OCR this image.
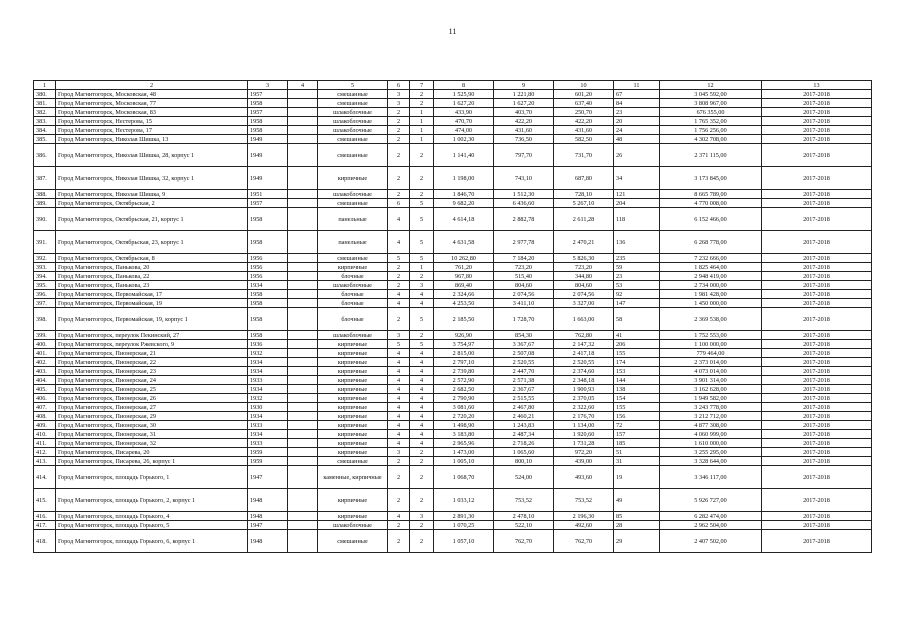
11
1	2	3	4	5	6	7	8	9	10	11	12	13
380.	Город Магнитогорск, Московская, 48	1957		смешанные	3	2	1 525,90	1 221,80	601,20	67	3 045 592,00	2017-2018
381.	Город Магнитогорск, Московская, 77	1958		смешанные	3	2	1 627,20	1 627,20	637,40	84	3 808 967,00	2017-2018
382.	Город Магнитогорск, Московская, 83	1957		шлакоблочные	2	1	433,90	403,70	250,70	23	676 355,00	2017-2018
383.	Город Магнитогорск, Нестерова, 15	1958		шлакоблочные	2	1	470,70	422,20	422,20	20	1 765 352,00	2017-2018
384.	Город Магнитогорск, Нестерова, 17	1958		шлакоблочные	2	1	474,00	431,60	431,60	24	1 756 256,00	2017-2018
385.	Город Магнитогорск, Николая Шишка, 13	1949		смешанные	2	1	1 002,30	736,50	582,50	48	4 302 708,00	2017-2018
386.	Город Магнитогорск, Николая Шишка, 28, корпус 1	1949		смешанные	2	2	1 141,40	797,70	731,70	26	2 371 115,00	2017-2018
387.	Город Магнитогорск, Николая Шишка, 32, корпус 1	1949		кирпичные	2	2	1 198,00	743,10	687,80	34	3 173 845,00	2017-2018
388.	Город Магнитогорск, Николая Шишка, 9	1951		шлакоблочные	2	2	1 846,70	1 512,30	728,10	121	8 665 789,00	2017-2018
389.	Город Магнитогорск, Октябрьская, 2	1957		смешанные	6	5	9 682,20	6 436,60	5 267,10	204	4 770 008,00	2017-2018
390.	Город Магнитогорск, Октябрьская, 21, корпус 1	1958		панельные	4	5	4 614,18	2 882,78	2 611,28	118	6 152 466,00	2017-2018
391.	Город Магнитогорск, Октябрьская, 23, корпус 1	1958		панельные	4	5	4 631,58	2 977,78	2 470,21	136	6 268 778,00	2017-2018
392.	Город Магнитогорск, Октябрьская, 8	1956		смешанные	5	5	10 262,80	7 184,20	5 826,30	235	7 232 666,00	2017-2018
393.	Город Магнитогорск, Панькова, 20	1956		кирпичные	2	1	761,20	723,20	723,20	59	1 825 464,00	2017-2018
394.	Город Магнитогорск, Панькова, 22	1956		блочные	2	2	967,80	515,40	344,80	23	2 948 419,00	2017-2018
395.	Город Магнитогорск, Панькова, 23	1934		шлакоблочные	2	3	869,40	804,60	804,60	53	2 734 000,00	2017-2018
396.	Город Магнитогорск, Первомайская, 17	1958		блочные	4	4	2 324,66	2 074,56	2 074,56	92	1 981 428,00	2017-2018
397.	Город Магнитогорск, Первомайская, 19	1958		блочные	4	4	4 253,50	3 411,10	3 327,00	147	1 450 000,00	2017-2018
398.	Город Магнитогорск, Первомайская, 19, корпус 1	1958		блочные	2	5	2 185,50	1 728,70	1 663,00	58	2 369 538,00	2017-2018
399.	Город Магнитогорск, переулок Пекинский, 27	1958		шлакоблочные	3	2	926,90	854,30	762,80	41	1 752 553,00	2017-2018
400.	Город Магнитогорск, переулок Ржевского, 9	1936		кирпичные	5	5	3 754,97	3 367,67	2 147,32	206	1 100 000,00	2017-2018
401.	Город Магнитогорск, Пионерская, 21	1932		кирпичные	4	4	2 815,00	2 507,08	2 417,18	155	779 464,00	2017-2018
402.	Город Магнитогорск, Пионерская, 22	1934		кирпичные	4	4	2 797,10	2 520,55	2 520,55	174	2 373 014,00	2017-2018
403.	Город Магнитогорск, Пионерская, 23	1934		кирпичные	4	4	2 739,80	2 447,70	2 374,60	153	4 073 014,00	2017-2018
404.	Город Магнитогорск, Пионерская, 24	1933		кирпичные	4	4	2 572,90	2 571,38	2 348,18	144	3 901 314,00	2017-2018
405.	Город Магнитогорск, Пионерская, 25	1934		кирпичные	4	4	2 682,50	2 367,67	1 900,93	138	3 162 628,00	2017-2018
406.	Город Магнитогорск, Пионерская, 26	1932		кирпичные	4	4	2 790,90	2 515,55	2 370,05	154	1 949 582,00	2017-2018
407.	Город Магнитогорск, Пионерская, 27	1930		кирпичные	4	4	3 081,60	2 467,80	2 322,60	155	3 243 778,00	2017-2018
408.	Город Магнитогорск, Пионерская, 29	1934		кирпичные	4	4	2 720,20	2 460,21	2 176,70	156	3 212 712,00	2017-2018
409.	Город Магнитогорск, Пионерская, 30	1933		кирпичные	4	4	1 498,90	1 243,83	1 134,00	72	4 877 308,00	2017-2018
410.	Город Магнитогорск, Пионерская, 31	1934		кирпичные	4	4	3 183,80	2 487,34	1 920,60	157	4 060 999,00	2017-2018
411.	Город Магнитогорск, Пионерская, 32	1933		кирпичные	4	4	2 965,96	2 718,26	1 731,28	185	1 610 000,00	2017-2018
412.	Город Магнитогорск, Писарева, 20	1959		кирпичные	3	2	1 473,00	1 065,60	972,20	51	3 255 295,00	2017-2018
413.	Город Магнитогорск, Писарева, 26, корпус 1	1959		смешанные	2	2	1 005,10	800,10	439,00	31	3 328 644,00	2017-2018
414.	Город Магнитогорск, площадь Горького, 1	1947		каменные, кирпичные	2	2	1 068,70	524,00	493,60	19	3 346 117,00	2017-2018
415.	Город Магнитогорск, площадь Горького, 2, корпус 1	1948		кирпичные	2	2	1 033,12	753,52	753,52	49	5 926 727,00	2017-2018
416.	Город Магнитогорск, площадь Горького, 4	1948		кирпичные	4	3	2 891,30	2 478,10	2 196,30	85	6 282 474,00	2017-2018
417.	Город Магнитогорск, площадь Горького, 5	1947		шлакоблочные	2	2	1 070,25	522,10	492,60	28	2 962 504,00	2017-2018
418.	Город Магнитогорск, площадь Горького, 6, корпус 1	1948		смешанные	2	2	1 057,10	762,70	762,70	29	2 407 502,00	2017-2018
